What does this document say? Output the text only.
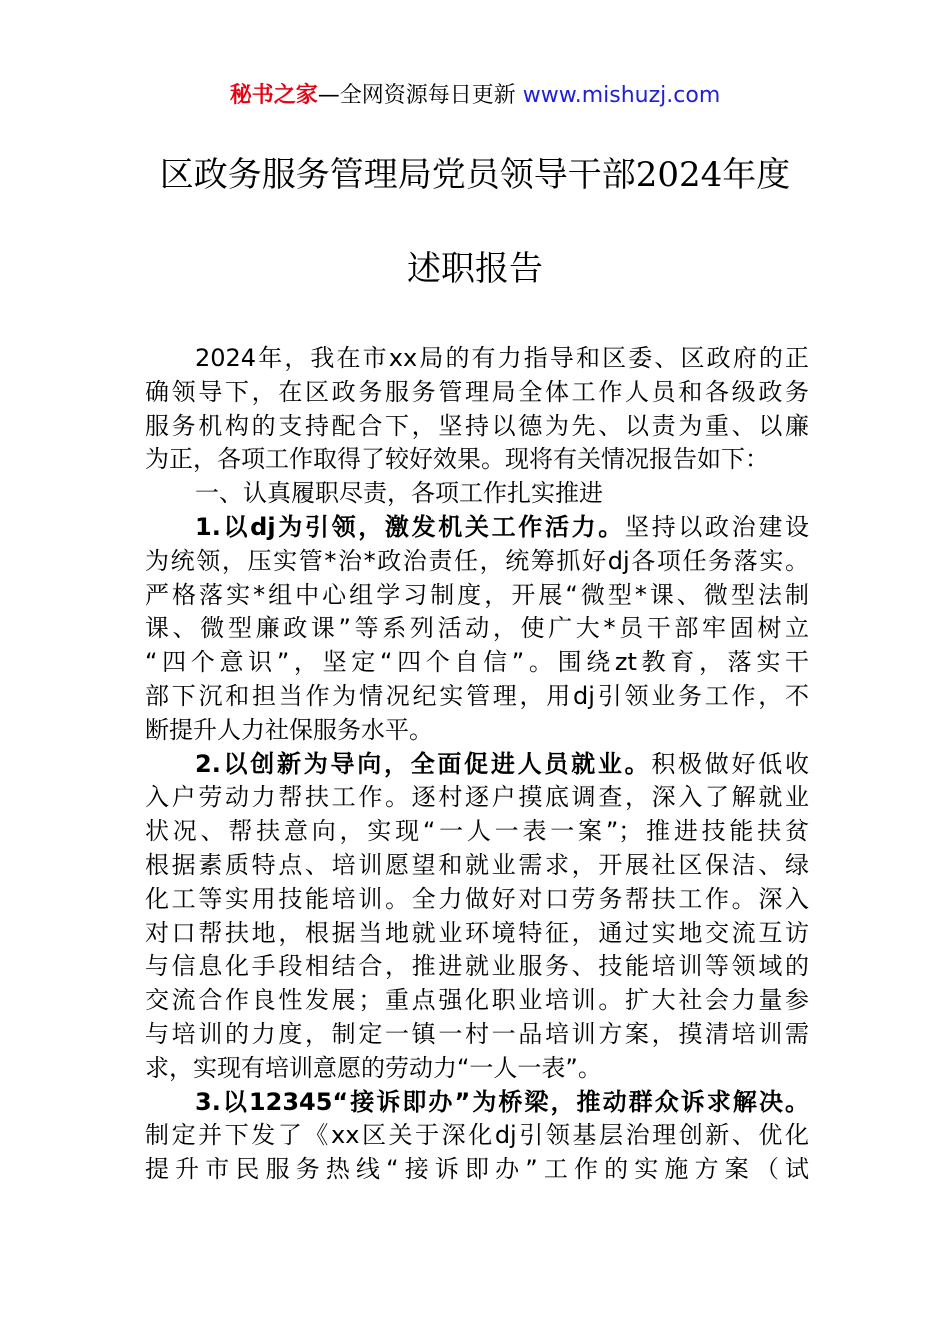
秘书之家—全网资源每日更新 www.mishuzj.com
区政务服务管理局党员领导干部2024年度
述职报告
2024年，我在市xx局的有力指导和区委、区政府的正
确领导下，在区政务服务管理局全体工作人员和各级政务
服务机构的支持配合下，坚持以德为先、以责为重、以廉
为正，各项工作取得了较好效果。现将有关情况报告如下：
一、认真履职尽责，各项工作扎实推进
1.以dj为引领，激发机关工作活力。坚持以政治建设
为统领，压实管*治*政治责任，统筹抓好dj各项任务落实。
严格落实*组中心组学习制度，开展“微型*课、微型法制
课、微型廉政课”等系列活动，使广大*员干部牢固树立
“四个意识”，坚定“四个自信”。围绕zt教育，落实干
部下沉和担当作为情况纪实管理，用dj引领业务工作，不
断提升人力社保服务水平。
2.以创新为导向，全面促进人员就业。积极做好低收
入户劳动力帮扶工作。逐村逐户摸底调查，深入了解就业
状况、帮扶意向，实现“一人一表一案”；推进技能扶贫
根据素质特点、培训愿望和就业需求，开展社区保洁、绿
化工等实用技能培训。全力做好对口劳务帮扶工作。深入
对口帮扶地，根据当地就业环境特征，通过实地交流互访
与信息化手段相结合，推进就业服务、技能培训等领域的
交流合作良性发展；重点强化职业培训。扩大社会力量参
与培训的力度，制定一镇一村一品培训方案，摸清培训需
求，实现有培训意愿的劳动力“一人一表”。
3.以12345“接诉即办”为桥梁，推动群众诉求解决。
制定并下发了《xx区关于深化dj引领基层治理创新、优化
提升市民服务热线“接诉即办”工作的实施方案（试
